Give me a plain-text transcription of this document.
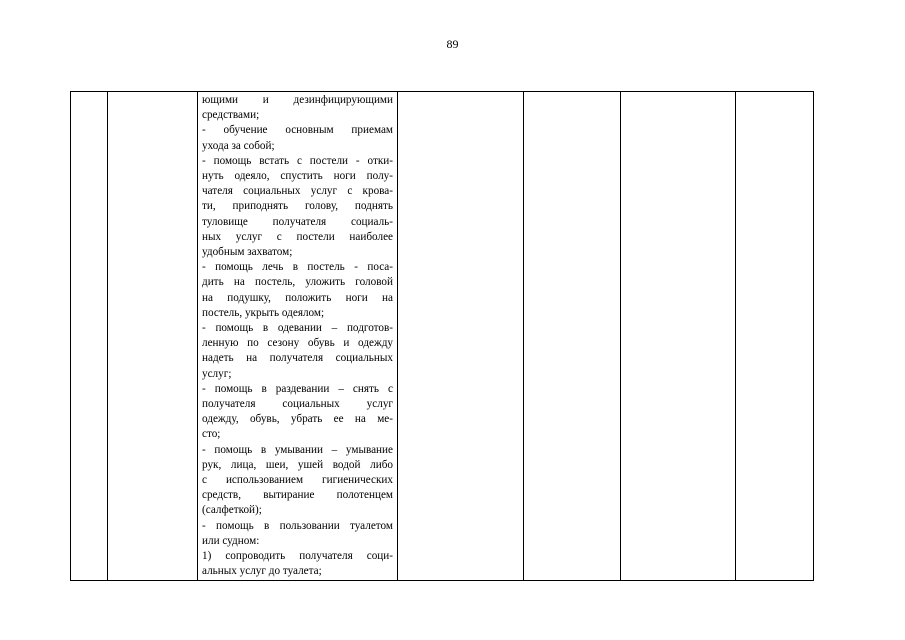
89

ющими и дезинфицирующими
средствами;
- обучение основным приемам
ухода за собой;
- помощь встать с постели - отки-
нуть одеяло, спустить ноги полу-
чателя социальных услуг с крова-
ти, приподнять голову, поднять
туловище получателя социаль-
ных услуг с постели наиболее
удобным захватом;
- помощь лечь в постель - поса-
дить на постель, уложить головой
на подушку, положить ноги на
постель, укрыть одеялом;
- помощь в одевании – подготов-
ленную по сезону обувь и одежду
надеть на получателя социальных
услуг;
- помощь в раздевании – снять с
получателя социальных услуг
одежду, обувь, убрать ее на ме-
сто;
- помощь в умывании – умывание
рук, лица, шеи, ушей водой либо
с использованием гигиенических
средств, вытирание полотенцем
(салфеткой);
- помощь в пользовании туалетом
или судном:
1) сопроводить получателя соци-
альных услуг до туалета;
